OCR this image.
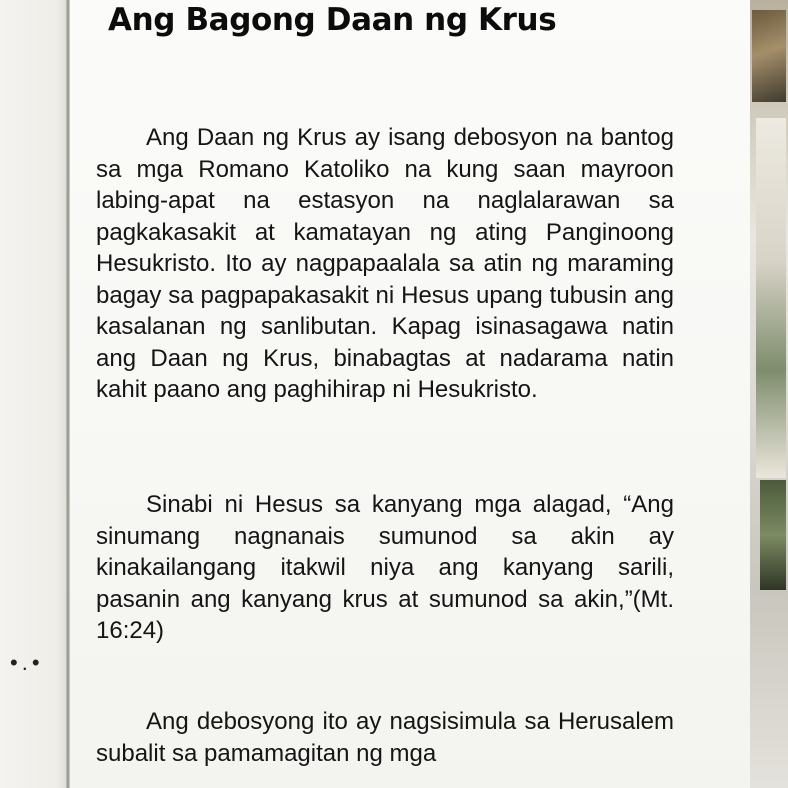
•.•
Ang Bagong Daan ng Krus
Ang Daan ng Krus ay isang debosyon na bantog sa mga Romano Katoliko na kung saan mayroon labing-apat na estasyon na naglalarawan sa pagkakasakit at kamatayan ng ating Panginoong Hesukristo. Ito ay nagpapaalala sa atin ng maraming bagay sa pagpapakasakit ni Hesus upang tubusin ang kasalanan ng sanlibutan. Kapag isinasagawa natin ang Daan ng Krus, binabagtas at nadarama natin kahit paano ang paghihirap ni Hesukristo.
Sinabi ni Hesus sa kanyang mga alagad, “Ang sinumang nagnanais sumunod sa akin ay kinakailangang itakwil niya ang kanyang sarili, pasanin ang kanyang krus at sumunod sa akin,”(Mt. 16:24)
Ang debosyong ito ay nagsisimula sa Herusalem subalit sa pamamagitan ng mga
